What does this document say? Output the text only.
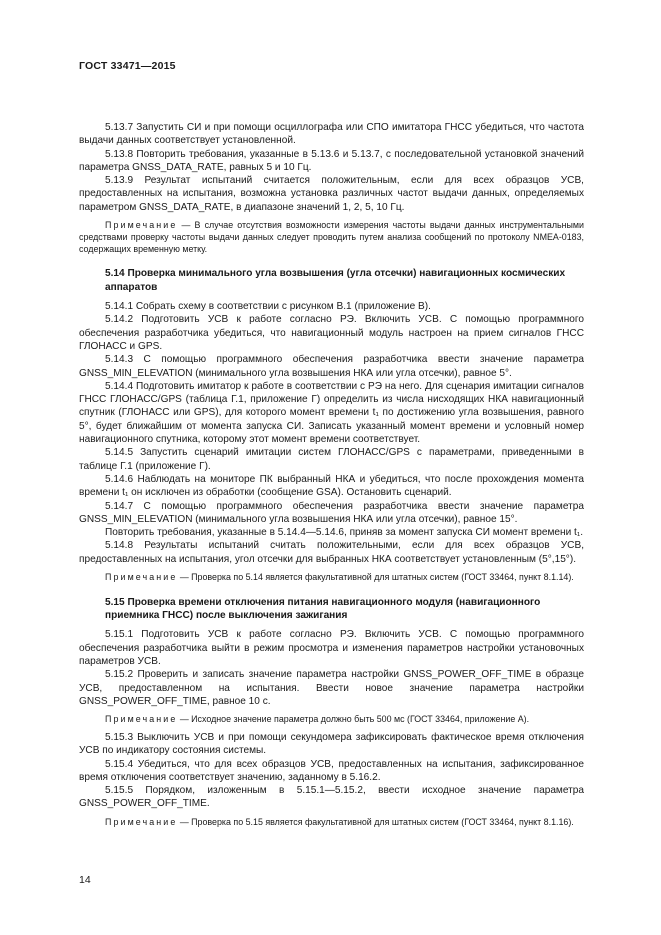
ГОСТ 33471—2015

5.13.7 Запустить СИ и при помощи осциллографа или СПО имитатора ГНСС убедиться, что частота выдачи данных соответствует установленной.

5.13.8 Повторить требования, указанные в 5.13.6 и 5.13.7, с последовательной установкой значений параметра GNSS_DATA_RATE, равных 5 и 10 Гц.

5.13.9 Результат испытаний считается положительным, если для всех образцов УСВ, предоставленных на испытания, возможна установка различных частот выдачи данных, определяемых параметром GNSS_DATA_RATE, в диапазоне значений 1, 2, 5, 10 Гц.

Примечание — В случае отсутствия возможности измерения частоты выдачи данных инструментальными средствами проверку частоты выдачи данных следует проводить путем анализа сообщений по протоколу NMEA-0183, содержащих временную метку.

5.14 Проверка минимального угла возвышения (угла отсечки) навигационных космических аппаратов

5.14.1 Собрать схему в соответствии с рисунком В.1 (приложение В).

5.14.2 Подготовить УСВ к работе согласно РЭ. Включить УСВ. С помощью программного обеспечения разработчика убедиться, что навигационный модуль настроен на прием сигналов ГНСС ГЛОНАСС и GPS.

5.14.3 С помощью программного обеспечения разработчика ввести значение параметра GNSS_MIN_ELEVATION (минимального угла возвышения НКА или угла отсечки), равное 5°.

5.14.4 Подготовить имитатор к работе в соответствии с РЭ на него. Для сценария имитации сигналов ГНСС ГЛОНАСС/GPS (таблица Г.1, приложение Г) определить из числа нисходящих НКА навигационный спутник (ГЛОНАСС или GPS), для которого момент времени t₁ по достижению угла возвышения, равного 5°, будет ближайшим от момента запуска СИ. Записать указанный момент времени и условный номер навигационного спутника, которому этот момент времени соответствует.

5.14.5 Запустить сценарий имитации систем ГЛОНАСС/GPS с параметрами, приведенными в таблице Г.1 (приложение Г).

5.14.6 Наблюдать на мониторе ПК выбранный НКА и убедиться, что после прохождения момента времени t₁ он исключен из обработки (сообщение GSA). Остановить сценарий.

5.14.7 С помощью программного обеспечения разработчика ввести значение параметра GNSS_MIN_ELEVATION (минимального угла возвышения НКА или угла отсечки), равное 15°.

Повторить требования, указанные в 5.14.4—5.14.6, приняв за момент запуска СИ момент времени t₁.

5.14.8 Результаты испытаний считать положительными, если для всех образцов УСВ, предоставленных на испытания, угол отсечки для выбранных НКА соответствует установленным (5°,15°).

Примечание — Проверка по 5.14 является факультативной для штатных систем (ГОСТ 33464, пункт 8.1.14).

5.15 Проверка времени отключения питания навигационного модуля (навигационного приемника ГНСС) после выключения зажигания

5.15.1 Подготовить УСВ к работе согласно РЭ. Включить УСВ. С помощью программного обеспечения разработчика выйти в режим просмотра и изменения параметров настройки установочных параметров УСВ.

5.15.2 Проверить и записать значение параметра настройки GNSS_POWER_OFF_TIME в образце УСВ, предоставленном на испытания. Ввести новое значение параметра настройки GNSS_POWER_OFF_TIME, равное 10 с.

Примечание — Исходное значение параметра должно быть 500 мс (ГОСТ 33464, приложение А).

5.15.3 Выключить УСВ и при помощи секундомера зафиксировать фактическое время отключения УСВ по индикатору состояния системы.

5.15.4 Убедиться, что для всех образцов УСВ, предоставленных на испытания, зафиксированное время отключения соответствует значению, заданному в 5.16.2.

5.15.5 Порядком, изложенным в 5.15.1—5.15.2, ввести исходное значение параметра GNSS_POWER_OFF_TIME.

Примечание — Проверка по 5.15 является факультативной для штатных систем (ГОСТ 33464, пункт 8.1.16).

14
